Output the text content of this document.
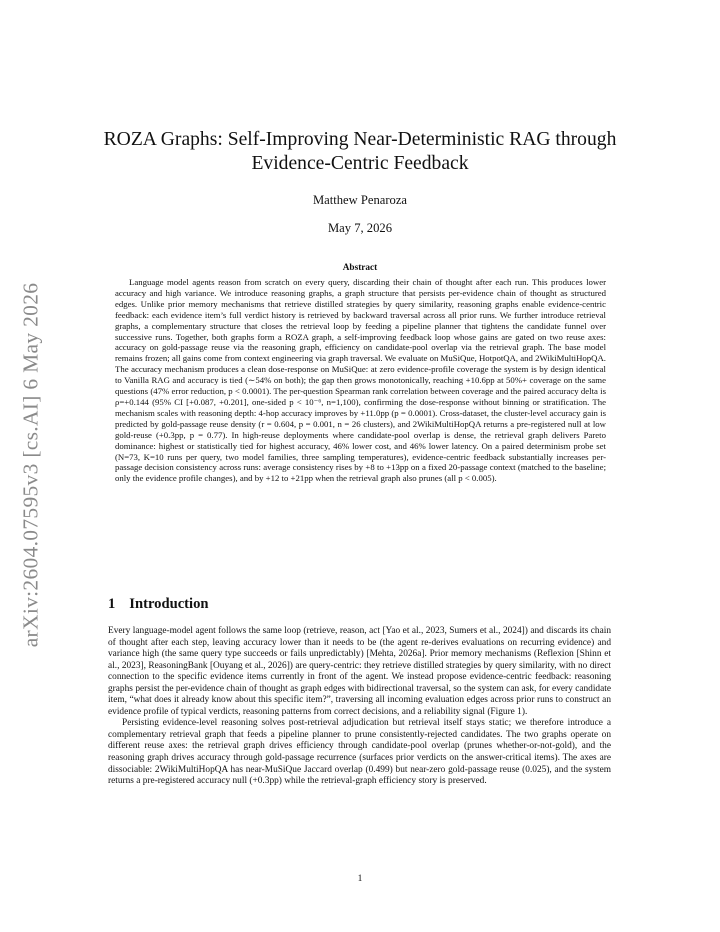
arXiv:2604.07595v3 [cs.AI] 6 May 2026
ROZA Graphs: Self-Improving Near-Deterministic RAG through Evidence-Centric Feedback
Matthew Penaroza
May 7, 2026
Abstract

Language model agents reason from scratch on every query, discarding their chain of thought after each run. This produces lower accuracy and high variance. We introduce reasoning graphs, a graph structure that persists per-evidence chain of thought as structured edges. Unlike prior memory mechanisms that retrieve distilled strategies by query similarity, reasoning graphs enable evidence-centric feedback: each evidence item’s full verdict history is retrieved by backward traversal across all prior runs. We further introduce retrieval graphs, a complementary structure that closes the retrieval loop by feeding a pipeline planner that tightens the candidate funnel over successive runs. Together, both graphs form a ROZA graph, a self-improving feedback loop whose gains are gated on two reuse axes: accuracy on gold-passage reuse via the reasoning graph, efficiency on candidate-pool overlap via the retrieval graph. The base model remains frozen; all gains come from context engineering via graph traversal. We evaluate on MuSiQue, HotpotQA, and 2WikiMultiHopQA. The accuracy mechanism produces a clean dose-response on MuSiQue: at zero evidence-profile coverage the system is by design identical to Vanilla RAG and accuracy is tied (∼54% on both); the gap then grows monotonically, reaching +10.6pp at 50%+ coverage on the same questions (47% error reduction, p < 0.0001). The per-question Spearman rank correlation between coverage and the paired accuracy delta is ρ=+0.144 (95% CI [+0.087, +0.201], one-sided p < 10⁻⁶, n=1,100), confirming the dose-response without binning or stratification. The mechanism scales with reasoning depth: 4-hop accuracy improves by +11.0pp (p = 0.0001). Cross-dataset, the cluster-level accuracy gain is predicted by gold-passage reuse density (r = 0.604, p = 0.001, n = 26 clusters), and 2WikiMultiHopQA returns a pre-registered null at low gold-reuse (+0.3pp, p = 0.77). In high-reuse deployments where candidate-pool overlap is dense, the retrieval graph delivers Pareto dominance: highest or statistically tied for highest accuracy, 46% lower cost, and 46% lower latency. On a paired determinism probe set (N=73, K=10 runs per query, two model families, three sampling temperatures), evidence-centric feedback substantially increases per-passage decision consistency across runs: average consistency rises by +8 to +13pp on a fixed 20-passage context (matched to the baseline; only the evidence profile changes), and by +12 to +21pp when the retrieval graph also prunes (all p < 0.005).

1 Introduction

Every language-model agent follows the same loop (retrieve, reason, act [Yao et al., 2023, Sumers et al., 2024]) and discards its chain of thought after each step, leaving accuracy lower than it needs to be (the agent re-derives evaluations on recurring evidence) and variance high (the same query type succeeds or fails unpredictably) [Mehta, 2026a]. Prior memory mechanisms (Reflexion [Shinn et al., 2023], ReasoningBank [Ouyang et al., 2026]) are query-centric: they retrieve distilled strategies by query similarity, with no direct connection to the specific evidence items currently in front of the agent. We instead propose evidence-centric feedback: reasoning graphs persist the per-evidence chain of thought as graph edges with bidirectional traversal, so the system can ask, for every candidate item, “what does it already know about this specific item?”, traversing all incoming evaluation edges across prior runs to construct an evidence profile of typical verdicts, reasoning patterns from correct decisions, and a reliability signal (Figure 1).

Persisting evidence-level reasoning solves post-retrieval adjudication but retrieval itself stays static; we therefore introduce a complementary retrieval graph that feeds a pipeline planner to prune consistently-rejected candidates. The two graphs operate on different reuse axes: the retrieval graph drives efficiency through candidate-pool overlap (prunes whether-or-not-gold), and the reasoning graph drives accuracy through gold-passage recurrence (surfaces prior verdicts on the answer-critical items). The axes are dissociable: 2WikiMultiHopQA has near-MuSiQue Jaccard overlap (0.499) but near-zero gold-passage reuse (0.025), and the system returns a pre-registered accuracy null (+0.3pp) while the retrieval-graph efficiency story is preserved.

1
